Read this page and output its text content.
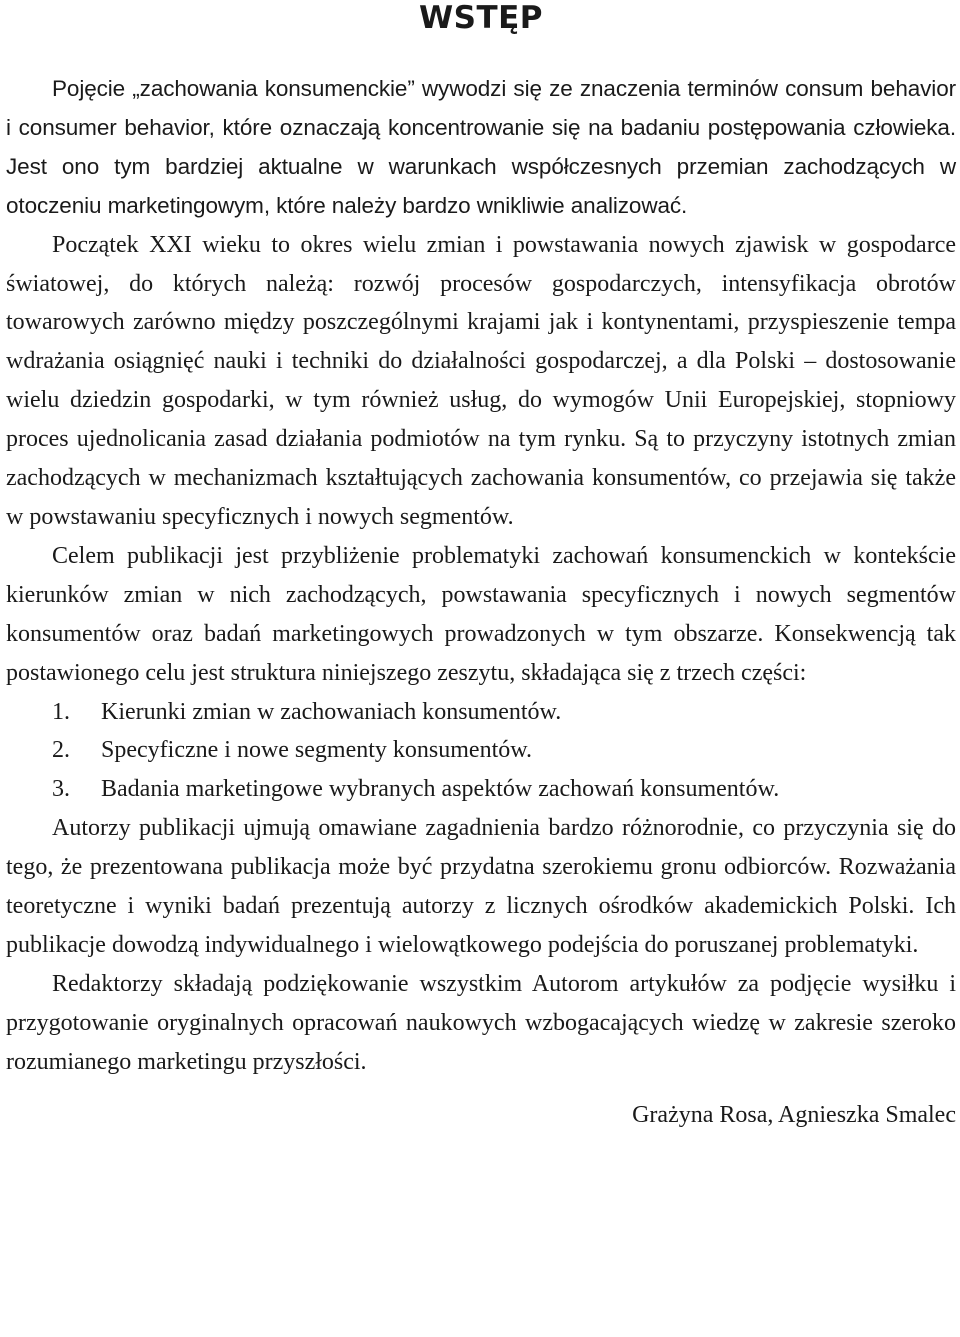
WSTĘP

Pojęcie „zachowania konsumenckie” wywodzi się ze znaczenia terminów consum behavior i consumer behavior, które oznaczają koncentrowanie się na badaniu postępowania człowieka. Jest ono tym bardziej aktualne w warunkach współczesnych przemian zachodzących w otoczeniu marketingowym, które należy bardzo wnikliwie analizować.

Początek XXI wieku to okres wielu zmian i powstawania nowych zjawisk w gospodarce światowej, do których należą: rozwój procesów gospodarczych, intensyfikacja obrotów towarowych zarówno między poszczególnymi krajami jak i kontynentami, przyspieszenie tempa wdrażania osiągnięć nauki i techniki do działalności gospodarczej, a dla Polski – dostosowanie wielu dziedzin gospodarki, w tym również usług, do wymogów Unii Europejskiej, stopniowy proces ujednolicania zasad działania podmiotów na tym rynku. Są to przyczyny istotnych zmian zachodzących w mechanizmach kształtujących zachowania konsumentów, co przejawia się także w powstawaniu specyficznych i nowych segmentów.

Celem publikacji jest przybliżenie problematyki zachowań konsumenckich w kontekście kierunków zmian w nich zachodzących, powstawania specyficznych i nowych segmentów konsumentów oraz badań marketingowych prowadzonych w tym obszarze. Konsekwencją tak postawionego celu jest struktura niniejszego zeszytu, składająca się z trzech części:

1.	Kierunki zmian w zachowaniach konsumentów.
2.	Specyficzne i nowe segmenty konsumentów.
3.	Badania marketingowe wybranych aspektów zachowań konsumentów.

Autorzy publikacji ujmują omawiane zagadnienia bardzo różnorodnie, co przyczynia się do tego, że prezentowana publikacja może być przydatna szerokiemu gronu odbiorców. Rozważania teoretyczne i wyniki badań prezentują autorzy z licznych ośrodków akademickich Polski. Ich publikacje dowodzą indywidualnego i wielowątkowego podejścia do poruszanej problematyki.

Redaktorzy składają podziękowanie wszystkim Autorom artykułów za podjęcie wysiłku i przygotowanie oryginalnych opracowań naukowych wzbogacających wiedzę w zakresie szeroko rozumianego marketingu przyszłości.

Grażyna Rosa, Agnieszka Smalec
